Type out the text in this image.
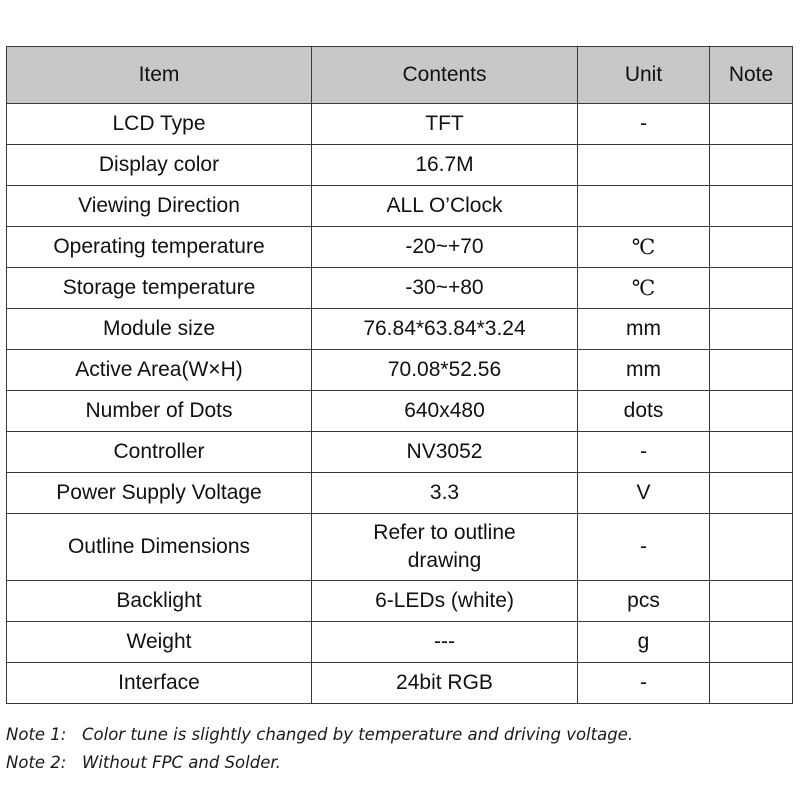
Item	Contents	Unit	Note
LCD Type	TFT	-	
Display color	16.7M		
Viewing Direction	ALL O’Clock		
Operating temperature	-20~+70	℃	
Storage temperature	-30~+80	℃	
Module size	76.84*63.84*3.24	mm	
Active Area(W×H)	70.08*52.56	mm	
Number of Dots	640x480	dots	
Controller	NV3052	-	
Power Supply Voltage	3.3	V	
Outline Dimensions	Refer to outline drawing	-	
Backlight	6-LEDs (white)	pcs	
Weight	---	g	
Interface	24bit RGB	-	
Note 1: Color tune is slightly changed by temperature and driving voltage.
Note 2: Without FPC and Solder.
